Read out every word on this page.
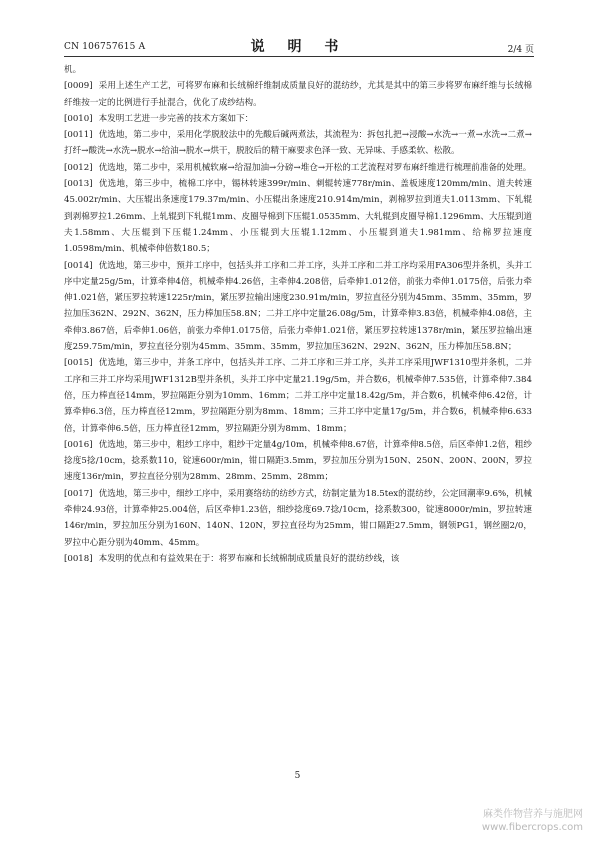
CN 106757615 A	说 明 书	2/4 页

机。

[0009] 采用上述生产工艺，可将罗布麻和长绒棉纤维制成质量良好的混纺纱，尤其是其中的第三步将罗布麻纤维与长绒棉纤维按一定的比例进行手扯混合，优化了成纱结构。

[0010] 本发明工艺进一步完善的技术方案如下：

[0011] 优选地，第二步中，采用化学脱胶法中的先酸后碱两煮法，其流程为：拆包扎把→浸酸→水洗→一煮→水洗→二煮→打纤→酸洗→水洗→脱水→给油→脱水→烘干，脱胶后的精干麻要求色泽一致、无异味、手感柔软、松散。

[0012] 优选地，第二步中，采用机械软麻→给湿加油→分磅→堆仓→开松的工艺流程对罗布麻纤维进行梳理前准备的处理。

[0013] 优选地，第三步中，梳棉工序中，锡林转速399r/min、刺辊转速778r/min、盖板速度120mm/min、道夫转速45.002r/min、大压辊出条速度179.37m/min、小压辊出条速度210.914m/min，剥棉罗拉到道夫1.0113mm、下轧辊到剥棉罗拉1.26mm、上轧辊到下轧辊1mm、皮圈导棉到下压辊1.0535mm、大轧辊到皮圈导棉1.1296mm、大压辊到道夫1.58mm、大压辊到下压辊1.24mm、小压辊到大压辊1.12mm、小压辊到道夫1.981mm、给棉罗拉速度1.0598m/min、机械牵伸倍数180.5；

[0014] 优选地，第三步中，预并工序中，包括头并工序和二并工序，头并工序和二并工序均采用FA306型并条机，头并工序中定量25g/5m，计算牵伸4倍，机械牵伸4.26倍，主牵伸4.208倍，后牵伸1.012倍，前张力牵伸1.0175倍，后张力牵伸1.021倍，紧压罗拉转速1225r/min，紧压罗拉输出速度230.91m/min，罗拉直径分别为45mm、35mm、35mm，罗拉加压362N、292N、362N，压力棒加压58.8N；二并工序中定量26.08g/5m，计算牵伸3.83倍，机械牵伸4.08倍，主牵伸3.867倍，后牵伸1.06倍，前张力牵伸1.0175倍，后张力牵伸1.021倍，紧压罗拉转速1378r/min，紧压罗拉输出速度259.75m/min，罗拉直径分别为45mm、35mm、35mm，罗拉加压362N、292N、362N，压力棒加压58.8N；

[0015] 优选地，第三步中，并条工序中，包括头并工序、二并工序和三并工序，头并工序采用JWF1310型并条机，二并工序和三并工序均采用JWF1312B型并条机，头并工序中定量21.19g/5m，并合数6，机械牵伸7.535倍，计算牵伸7.384倍，压力棒直径14mm，罗拉隔距分别为10mm、16mm；二并工序中定量18.42g/5m，并合数6，机械牵伸6.42倍，计算牵伸6.3倍，压力棒直径12mm，罗拉隔距分别为8mm、18mm；三并工序中定量17g/5m，并合数6，机械牵伸6.633倍，计算牵伸6.5倍，压力棒直径12mm，罗拉隔距分别为8mm、18mm；

[0016] 优选地，第三步中，粗纱工序中，粗纱干定量4g/10m，机械牵伸8.67倍，计算牵伸8.5倍，后区牵伸1.2倍，粗纱捻度5捻/10cm，捻系数110，锭速600r/min，钳口隔距3.5mm，罗拉加压分别为150N、250N、200N、200N，罗拉速度136r/min，罗拉直径分别为28mm、28mm、25mm、28mm；

[0017] 优选地，第三步中，细纱工序中，采用赛络纺的纺纱方式，纺制定量为18.5tex的混纺纱，公定回潮率9.6%，机械牵伸24.93倍，计算牵伸25.004倍，后区牵伸1.23倍，细纱捻度69.7捻/10cm，捻系数300，锭速8000r/min，罗拉转速146r/min，罗拉加压分别为160N、140N、120N，罗拉直径均为25mm，钳口隔距27.5mm，钢领PG1，钢丝圈2/0，罗拉中心距分别为40mm、45mm。

[0018] 本发明的优点和有益效果在于：将罗布麻和长绒棉制成质量良好的混纺纱线，该

5
麻类作物营养与施肥网
www.fibercrops.com
